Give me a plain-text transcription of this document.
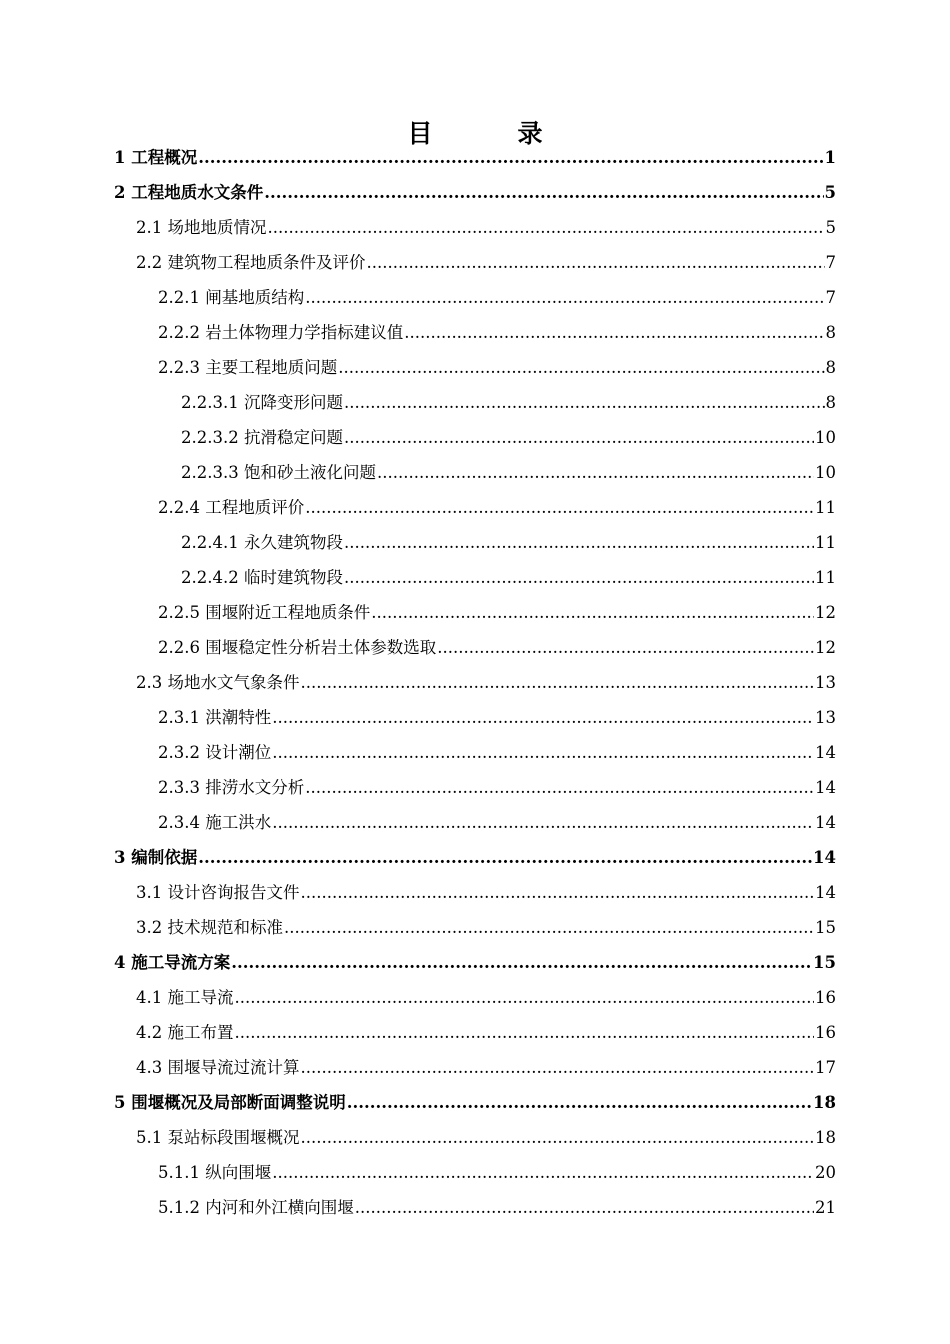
目　录
1 工程概况 .....	1
2 工程地质水文条件 .....	5
2.1 场地地质情况 .....	5
2.2 建筑物工程地质条件及评价 .....	7
2.2.1 闸基地质结构 .....	7
2.2.2 岩土体物理力学指标建议值 .....	8
2.2.3 主要工程地质问题 .....	8
2.2.3.1 沉降变形问题 .....	8
2.2.3.2 抗滑稳定问题 .....	10
2.2.3.3 饱和砂土液化问题 .....	10
2.2.4 工程地质评价 .....	11
2.2.4.1 永久建筑物段 .....	11
2.2.4.2 临时建筑物段 .....	11
2.2.5 围堰附近工程地质条件 .....	12
2.2.6 围堰稳定性分析岩土体参数选取 .....	12
2.3 场地水文气象条件 .....	13
2.3.1 洪潮特性 .....	13
2.3.2 设计潮位 .....	14
2.3.3 排涝水文分析 .....	14
2.3.4 施工洪水 .....	14
3 编制依据 .....	14
3.1 设计咨询报告文件 .....	14
3.2 技术规范和标准 .....	15
4 施工导流方案 .....	15
4.1 施工导流 .....	16
4.2 施工布置 .....	16
4.3 围堰导流过流计算 .....	17
5 围堰概况及局部断面调整说明 .....	18
5.1 泵站标段围堰概况 .....	18
5.1.1 纵向围堰 .....	20
5.1.2 内河和外江横向围堰 .....	21
